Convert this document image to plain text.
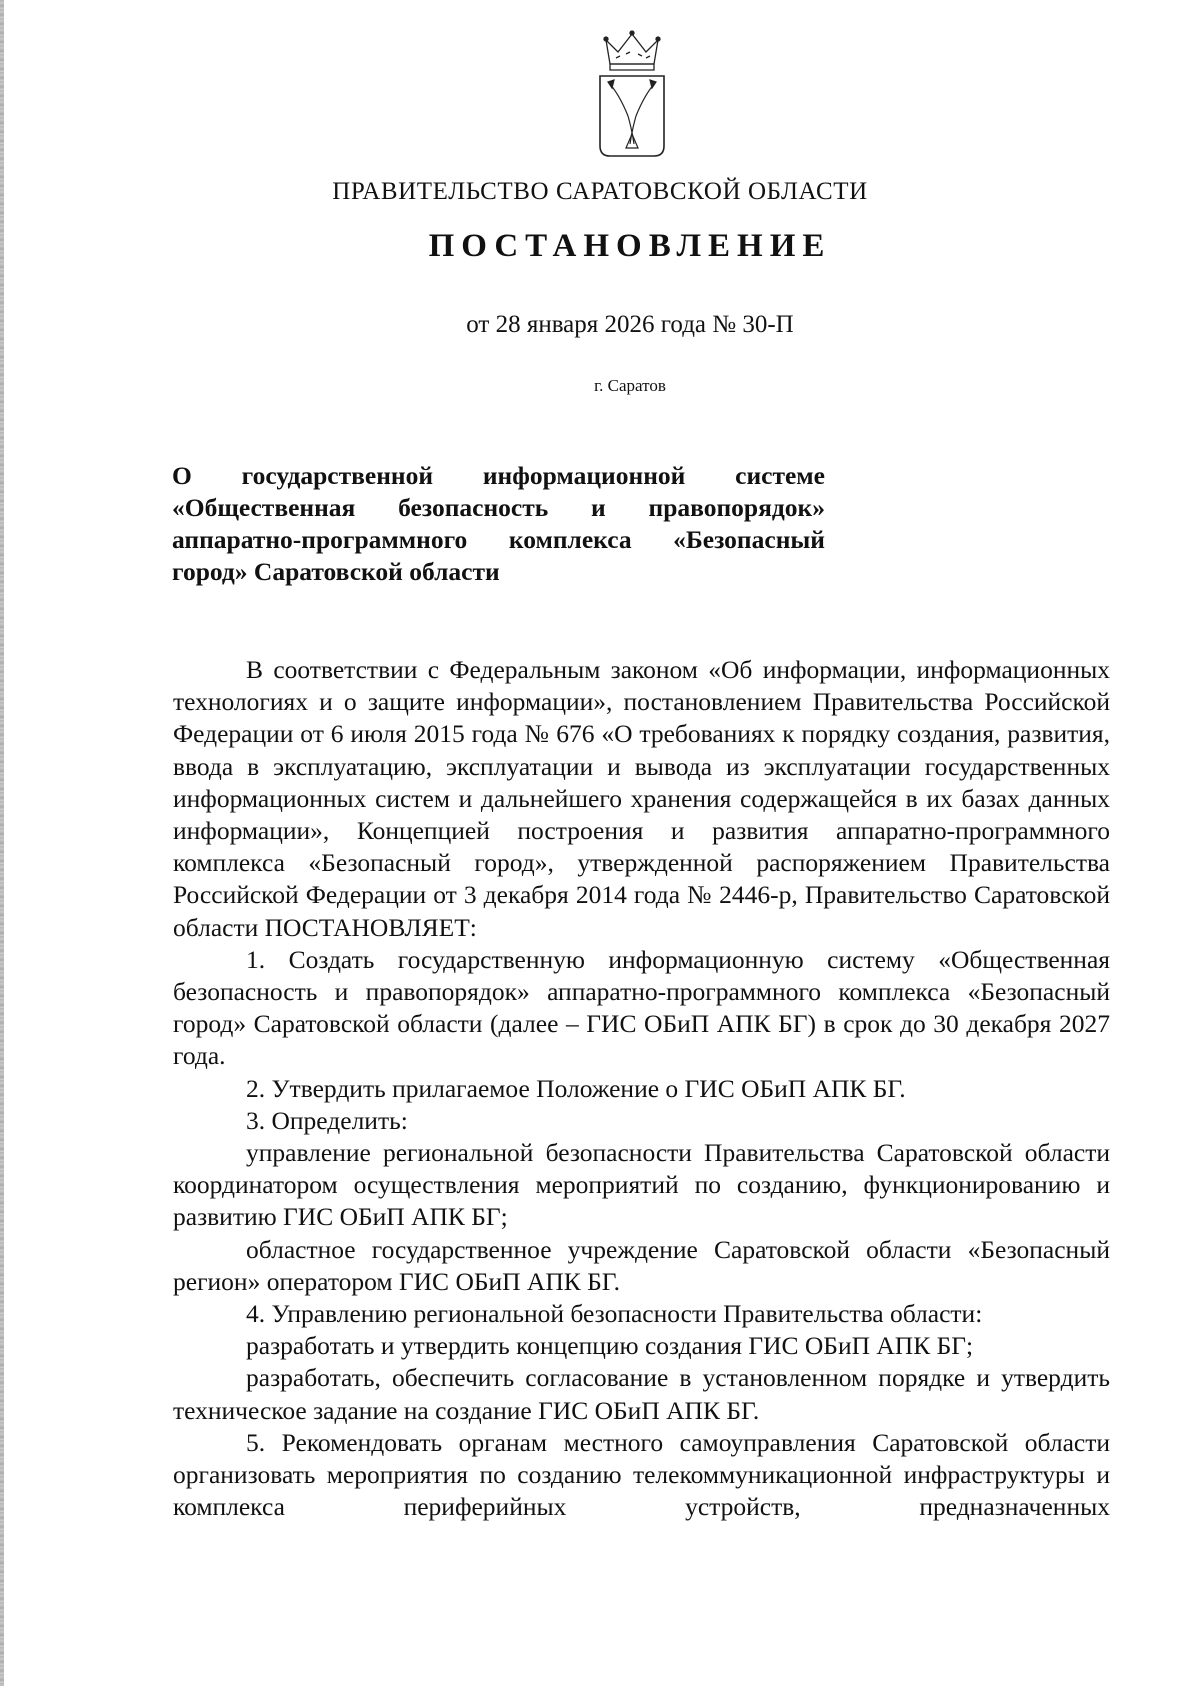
ПРАВИТЕЛЬСТВО САРАТОВСКОЙ ОБЛАСТИ
ПОСТАНОВЛЕНИЕ
от 28 января 2026 года № 30-П
г. Саратов
О государственной информационной системе «Общественная безопасность и правопорядок» аппаратно-программного комплекса «Безопасный город» Саратовской области

В соответствии с Федеральным законом «Об информации, информационных технологиях и о защите информации», постановлением Правительства Российской Федерации от 6 июля 2015 года № 676 «О требованиях к порядку создания, развития, ввода в эксплуатацию, эксплуатации и вывода из эксплуатации государственных информационных систем и дальнейшего хранения содержащейся в их базах данных информации», Концепцией построения и развития аппаратно-программного комплекса «Безопасный город», утвержденной распоряжением Правительства Российской Федерации от 3 декабря 2014 года № 2446-р, Правительство Саратовской области ПОСТАНОВЛЯЕТ:

1. Создать государственную информационную систему «Общественная безопасность и правопорядок» аппаратно-программного комплекса «Безопасный город» Саратовской области (далее – ГИС ОБиП АПК БГ) в срок до 30 декабря 2027 года.

2. Утвердить прилагаемое Положение о ГИС ОБиП АПК БГ.

3. Определить:

управление региональной безопасности Правительства Саратовской области координатором осуществления мероприятий по созданию, функционированию и развитию ГИС ОБиП АПК БГ;

областное государственное учреждение Саратовской области «Безопасный регион» оператором ГИС ОБиП АПК БГ.

4. Управлению региональной безопасности Правительства области:

разработать и утвердить концепцию создания ГИС ОБиП АПК БГ;

разработать, обеспечить согласование в установленном порядке и утвердить техническое задание на создание ГИС ОБиП АПК БГ.

5. Рекомендовать органам местного самоуправления Саратовской области организовать мероприятия по созданию телекоммуникационной инфраструктуры и комплекса периферийных устройств, предназначенных
